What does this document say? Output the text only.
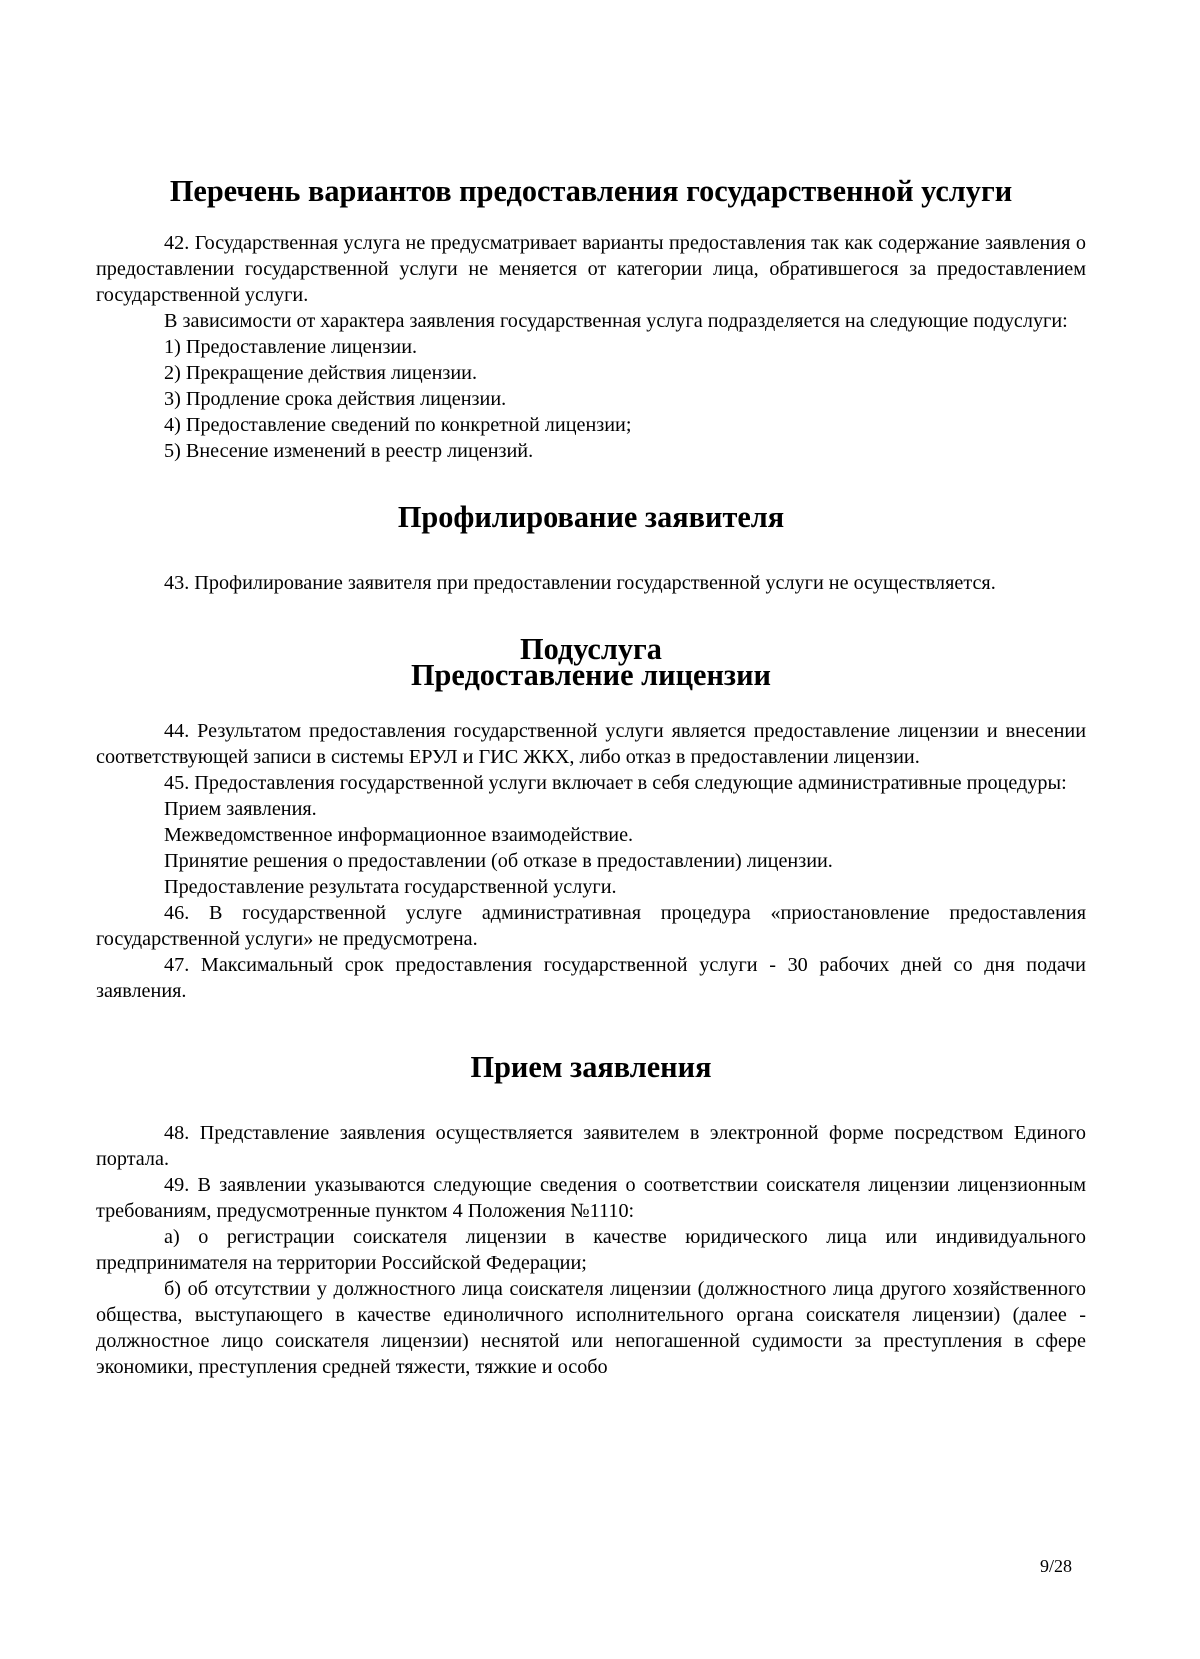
Перечень вариантов предоставления государственной услуги

42. Государственная услуга не предусматривает варианты предоставления так как содержание заявления о предоставлении государственной услуги не меняется от категории лица, обратившегося за предоставлением государственной услуги.

В зависимости от характера заявления государственная услуга подразделяется на следующие подуслуги:

1) Предоставление лицензии.

2) Прекращение действия лицензии.

3) Продление срока действия лицензии.

4) Предоставление сведений по конкретной лицензии;

5) Внесение изменений в реестр лицензий.

Профилирование заявителя

43. Профилирование заявителя при предоставлении государственной услуги не осуществляется.

Подуслуга
Предоставление лицензии

44. Результатом предоставления государственной услуги является предоставление лицензии и внесении соответствующей записи в системы ЕРУЛ и ГИС ЖКХ, либо отказ в предоставлении лицензии.

45. Предоставления государственной услуги включает в себя следующие административные процедуры:

Прием заявления.

Межведомственное информационное взаимодействие.

Принятие решения о предоставлении (об отказе в предоставлении) лицензии.

Предоставление результата государственной услуги.

46. В государственной услуге административная процедура «приостановление предоставления государственной услуги» не предусмотрена.

47. Максимальный срок предоставления государственной услуги - 30 рабочих дней со дня подачи заявления.

Прием заявления

48. Представление заявления осуществляется заявителем в электронной форме посредством Единого портала.

49. В заявлении указываются следующие сведения о соответствии соискателя лицензии лицензионным требованиям, предусмотренные пунктом 4 Положения №1110:

а) о регистрации соискателя лицензии в качестве юридического лица или индивидуального предпринимателя на территории Российской Федерации;

б) об отсутствии у должностного лица соискателя лицензии (должностного лица другого хозяйственного общества, выступающего в качестве единоличного исполнительного органа соискателя лицензии) (далее - должностное лицо соискателя лицензии) неснятой или непогашенной судимости за преступления в сфере экономики, преступления средней тяжести, тяжкие и особо

9/28
